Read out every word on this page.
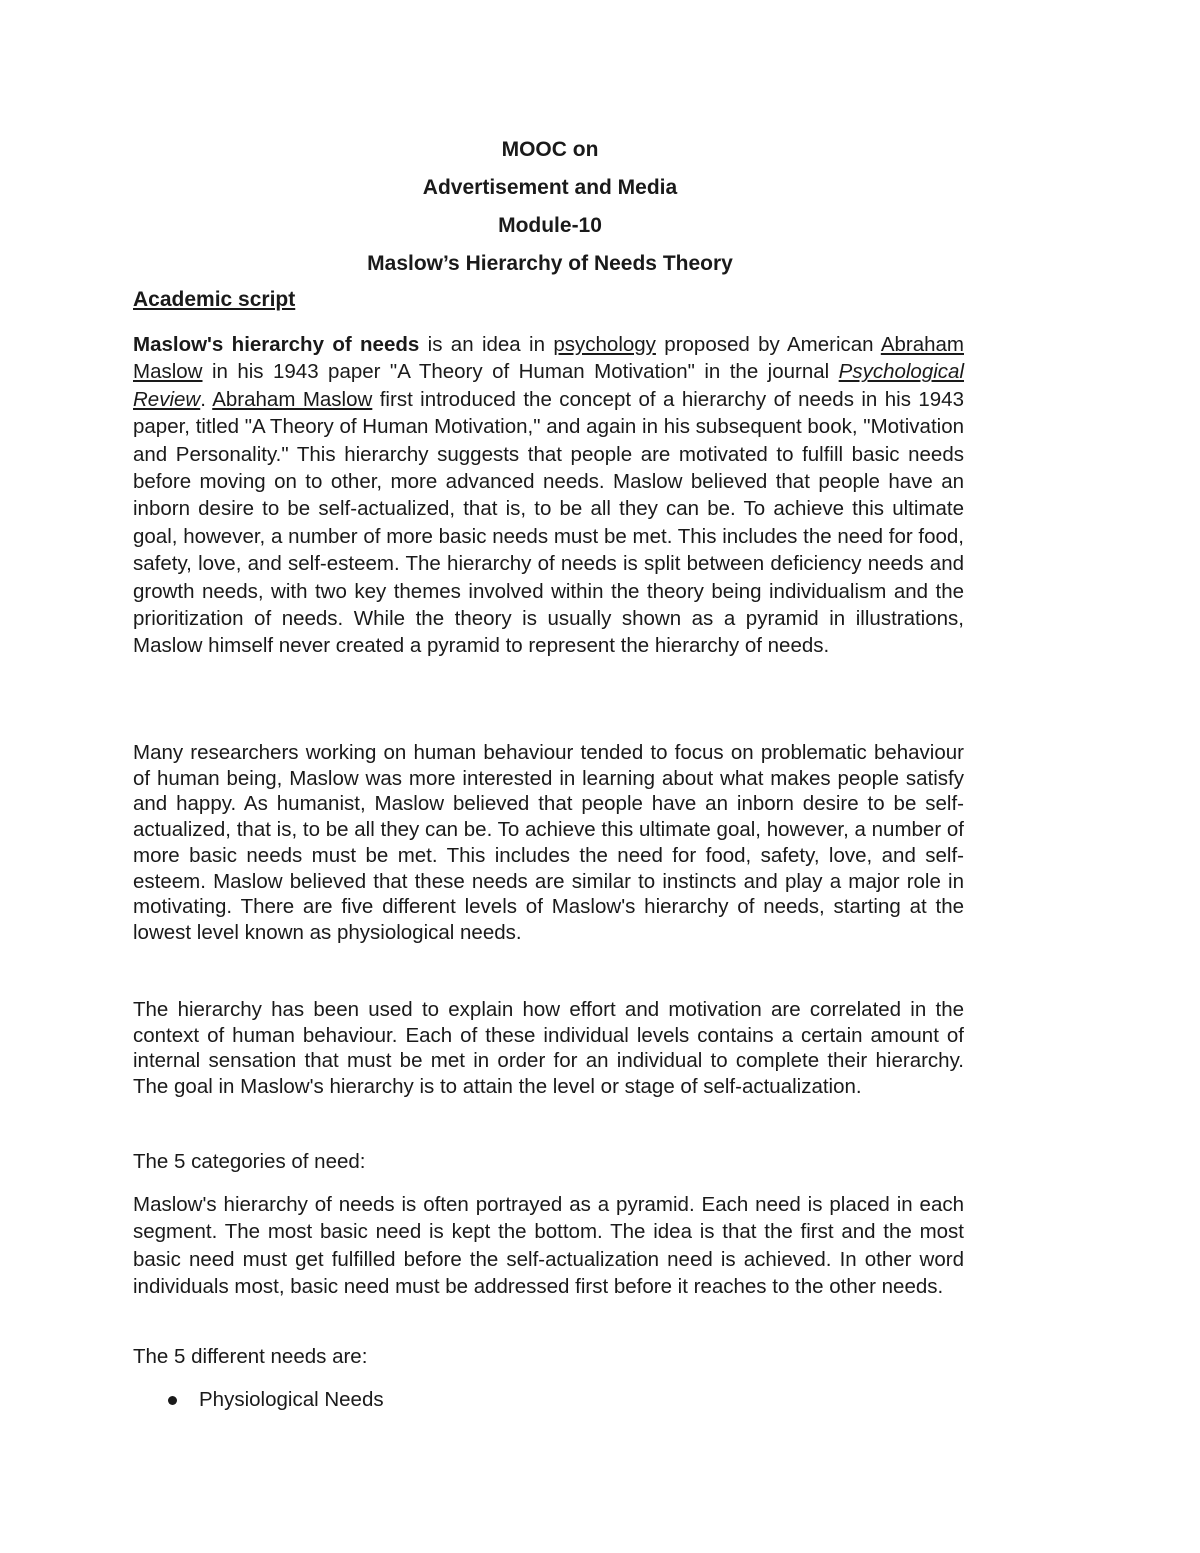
MOOC on
Advertisement and Media
Module-10
Maslow’s Hierarchy of Needs Theory
Academic script

Maslow's hierarchy of needs is an idea in psychology proposed by American Abraham Maslow in his 1943 paper "A Theory of Human Motivation" in the journal Psychological Review. Abraham Maslow first introduced the concept of a hierarchy of needs in his 1943 paper, titled "A Theory of Human Motivation," and again in his subsequent book, "Motivation and Personality." This hierarchy suggests that people are motivated to fulfill basic needs before moving on to other, more advanced needs. Maslow believed that people have an inborn desire to be self-actualized, that is, to be all they can be. To achieve this ultimate goal, however, a number of more basic needs must be met. This includes the need for food, safety, love, and self-esteem. The hierarchy of needs is split between deficiency needs and growth needs, with two key themes involved within the theory being individualism and the prioritization of needs. While the theory is usually shown as a pyramid in illustrations, Maslow himself never created a pyramid to represent the hierarchy of needs.

Many researchers working on human behaviour tended to focus on problematic behaviour of human being, Maslow was more interested in learning about what makes people satisfy and happy. As humanist, Maslow believed that people have an inborn desire to be self-actualized, that is, to be all they can be. To achieve this ultimate goal, however, a number of more basic needs must be met. This includes the need for food, safety, love, and self-esteem. Maslow believed that these needs are similar to instincts and play a major role in motivating. There are five different levels of Maslow's hierarchy of needs, starting at the lowest level known as physiological needs.

The hierarchy has been used to explain how effort and motivation are correlated in the context of human behaviour. Each of these individual levels contains a certain amount of internal sensation that must be met in order for an individual to complete their hierarchy. The goal in Maslow's hierarchy is to attain the level or stage of self-actualization.

The 5 categories of need:

Maslow's hierarchy of needs is often portrayed as a pyramid. Each need is placed in each segment. The most basic need is kept the bottom. The idea is that the first and the most basic need must get fulfilled before the self-actualization need is achieved. In other word individuals most, basic need must be addressed first before it reaches to the other needs.

The 5 different needs are:

Physiological Needs
